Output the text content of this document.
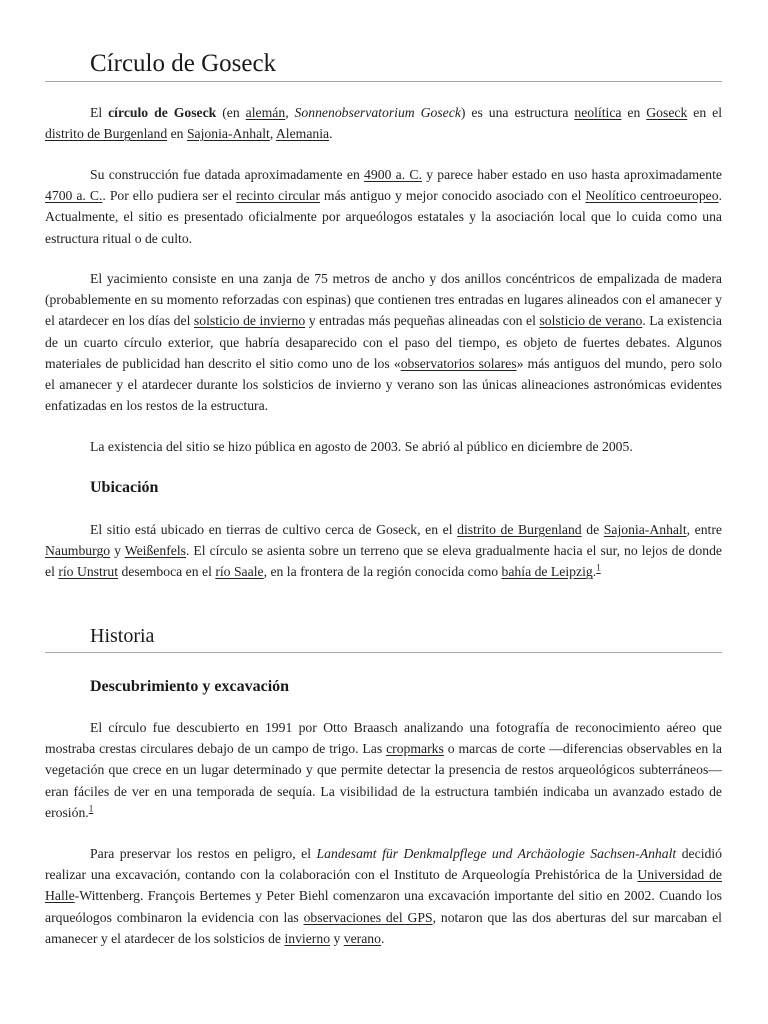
Círculo de Goseck

El círculo de Goseck (en alemán, Sonnenobservatorium Goseck) es una estructura neolítica en Goseck en el distrito de Burgenland en Sajonia-Anhalt, Alemania.

Su construcción fue datada aproximadamente en 4900 a. C. y parece haber estado en uso hasta aproximadamente 4700 a. C.. Por ello pudiera ser el recinto circular más antiguo y mejor conocido asociado con el Neolítico centroeuropeo. Actualmente, el sitio es presentado oficialmente por arqueólogos estatales y la asociación local que lo cuida como una estructura ritual o de culto.

El yacimiento consiste en una zanja de 75 metros de ancho y dos anillos concéntricos de empalizada de madera (probablemente en su momento reforzadas con espinas) que contienen tres entradas en lugares alineados con el amanecer y el atardecer en los días del solsticio de invierno y entradas más pequeñas alineadas con el solsticio de verano. La existencia de un cuarto círculo exterior, que habría desaparecido con el paso del tiempo, es objeto de fuertes debates. Algunos materiales de publicidad han descrito el sitio como uno de los «observatorios solares» más antiguos del mundo, pero solo el amanecer y el atardecer durante los solsticios de invierno y verano son las únicas alineaciones astronómicas evidentes enfatizadas en los restos de la estructura.

La existencia del sitio se hizo pública en agosto de 2003. Se abrió al público en diciembre de 2005.

Ubicación

El sitio está ubicado en tierras de cultivo cerca de Goseck, en el distrito de Burgenland de Sajonia-Anhalt, entre Naumburgo y Weißenfels. El círculo se asienta sobre un terreno que se eleva gradualmente hacia el sur, no lejos de donde el río Unstrut desemboca en el río Saale, en la frontera de la región conocida como bahía de Leipzig.$^1$

Historia
Descubrimiento y excavación

El círculo fue descubierto en 1991 por Otto Braasch analizando una fotografía de reconocimiento aéreo que mostraba crestas circulares debajo de un campo de trigo. Las cropmarks o marcas de corte —diferencias observables en la vegetación que crece en un lugar determinado y que permite detectar la presencia de restos arqueológicos subterráneos— eran fáciles de ver en una temporada de sequía. La visibilidad de la estructura también indicaba un avanzado estado de erosión.$^1$

Para preservar los restos en peligro, el Landesamt für Denkmalpflege und Archäologie Sachsen-Anhalt decidió realizar una excavación, contando con la colaboración con el Instituto de Arqueología Prehistórica de la Universidad de Halle-Wittenberg. François Bertemes y Peter Biehl comenzaron una excavación importante del sitio en 2002. Cuando los arqueólogos combinaron la evidencia con las observaciones del GPS, notaron que las dos aberturas del sur marcaban el amanecer y el atardecer de los solsticios de invierno y verano.
